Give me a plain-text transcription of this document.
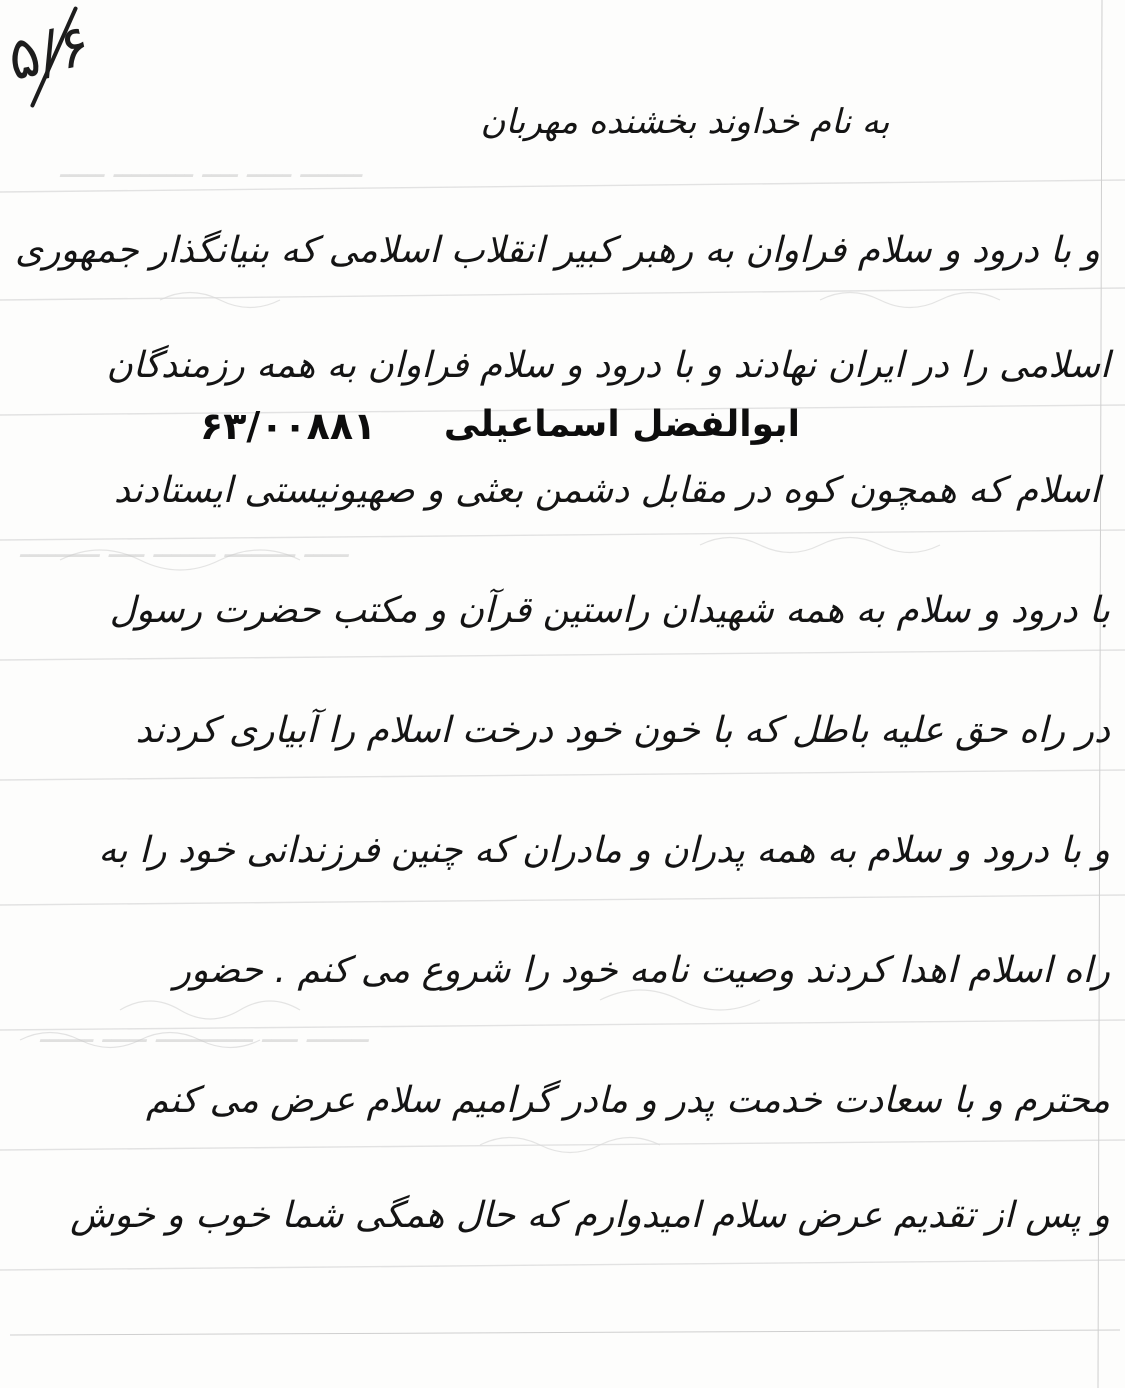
ـــــــ ـــــ ــــ ـــــــــ ـــــ
ـــــ ــــــــ ـــــــ ــــ ـــــــــ
ـــــــ ــــ ـــــــــــ ـــــ ــــــ
۵/۶
به نام خداوند بخشنده مهربان
و با درود و سلام فراوان به رهبر کبیر انقلاب اسلامی که بنیانگذار جمهوری
اسلامی را در ایران نهادند و با درود و سلام فراوان به همه رزمندگان
ابوالفضل اسماعیلی
۶۳/۰۰۸۸۱
اسلام که همچون کوه در مقابل دشمن بعثی و صهیونیستی ایستادند
با درود و سلام به همه شهیدان راستین قرآن و مکتب حضرت رسول
در راه حق علیه باطل که با خون خود درخت اسلام را آبیاری کردند
و با درود و سلام به همه پدران و مادران که چنین فرزندانی خود را به
راه اسلام اهدا کردند وصیت نامه خود را شروع می کنم . حضور
محترم و با سعادت خدمت پدر و مادر گرامیم سلام عرض می کنم
و پس از تقدیم عرض سلام امیدوارم که حال همگی شما خوب و خوش
